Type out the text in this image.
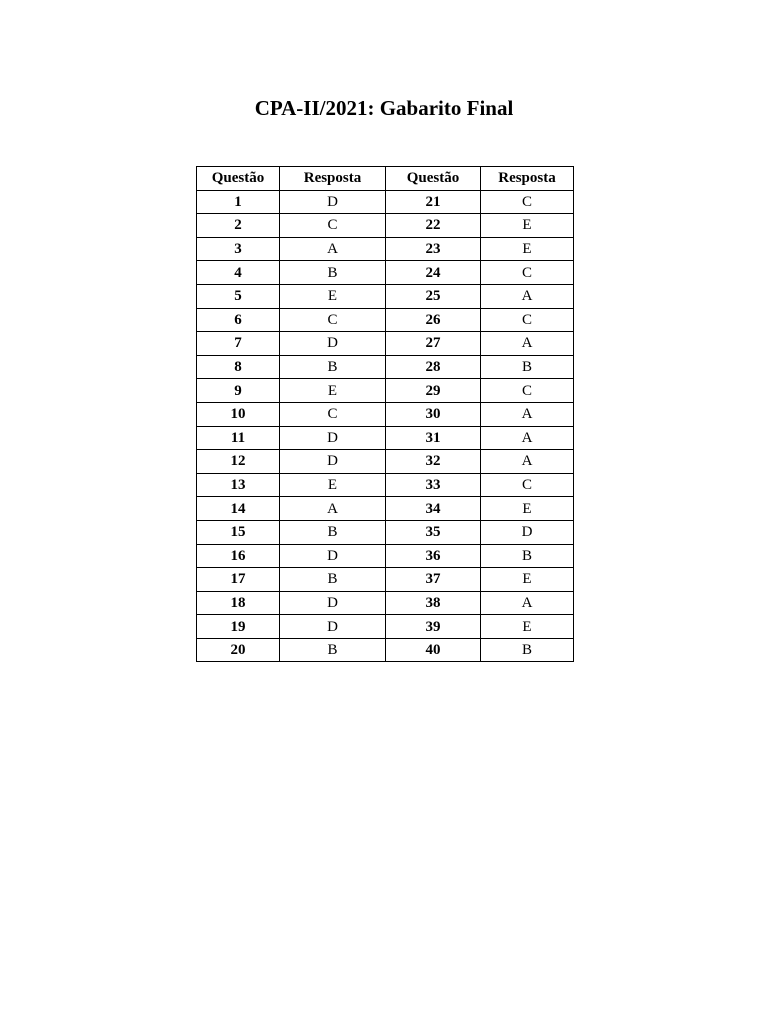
CPA-II/2021: Gabarito Final
Questão	Resposta	Questão	Resposta
1	D	21	C
2	C	22	E
3	A	23	E
4	B	24	C
5	E	25	A
6	C	26	C
7	D	27	A
8	B	28	B
9	E	29	C
10	C	30	A
11	D	31	A
12	D	32	A
13	E	33	C
14	A	34	E
15	B	35	D
16	D	36	B
17	B	37	E
18	D	38	A
19	D	39	E
20	B	40	B
